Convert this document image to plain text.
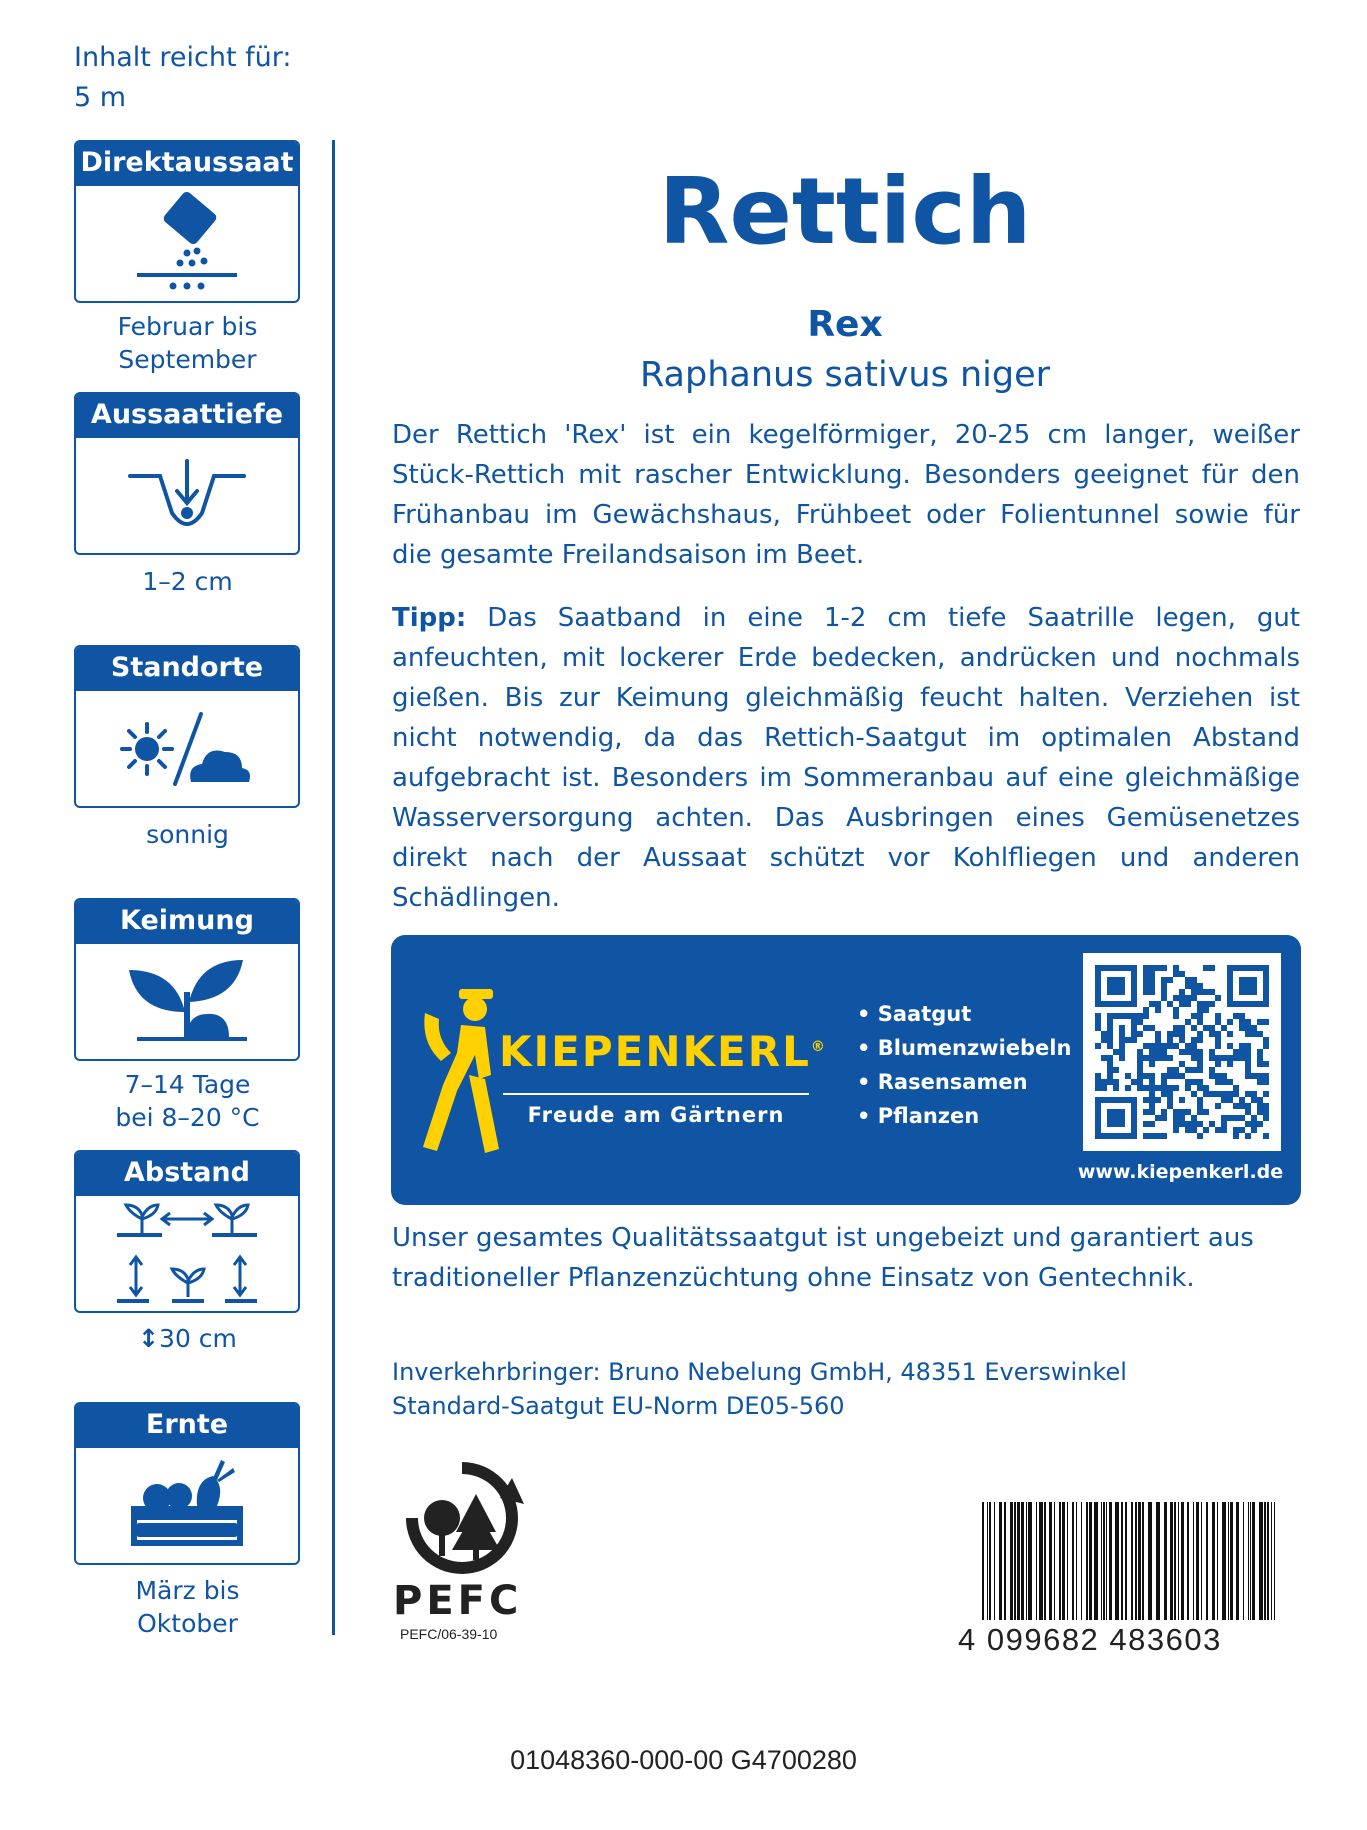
Inhalt reicht für:
5 m
Direktaussaat
Februar bis
September
Aussaattiefe
1–2 cm
Standorte
sonnig
Keimung
7–14 Tage
bei 8–20 °C
Abstand
↕30 cm
Ernte
März bis
Oktober
Rettich
Rex
Raphanus sativus niger
Der Rettich 'Rex' ist ein kegelförmiger, 20-25 cm langer, weißer Stück-Rettich mit rascher Entwicklung. Besonders geeignet für den Frühanbau im Gewächshaus, Frühbeet oder Folientunnel sowie für die gesamte Freilandsaison im Beet.
Tipp: Das Saatband in eine 1-2 cm tiefe Saatrille legen, gut anfeuchten, mit lockerer Erde bedecken, andrücken und nochmals gießen. Bis zur Keimung gleichmäßig feucht halten. Verziehen ist nicht notwendig, da das Rettich-Saatgut im optimalen Abstand aufgebracht ist. Besonders im Sommeranbau auf eine gleichmäßige Wasserversorgung achten. Das Ausbringen eines Gemüsenetzes direkt nach der Aussaat schützt vor Kohlfliegen und anderen Schädlingen.
KIEPENKERL®
Freude am Gärtnern
• Saatgut
• Blumenzwiebeln
• Rasensamen
• Pflanzen
www.kiepenkerl.de
Unser gesamtes Qualitätssaatgut ist ungebeizt und garantiert aus traditioneller Pflanzenzüchtung ohne Einsatz von Gentechnik.
Inverkehrbringer: Bruno Nebelung GmbH, 48351 Everswinkel
Standard-Saatgut EU-Norm DE05-560
PEFC
PEFC/06-39-10	4 099682 483603
01048360-000-00 G4700280
